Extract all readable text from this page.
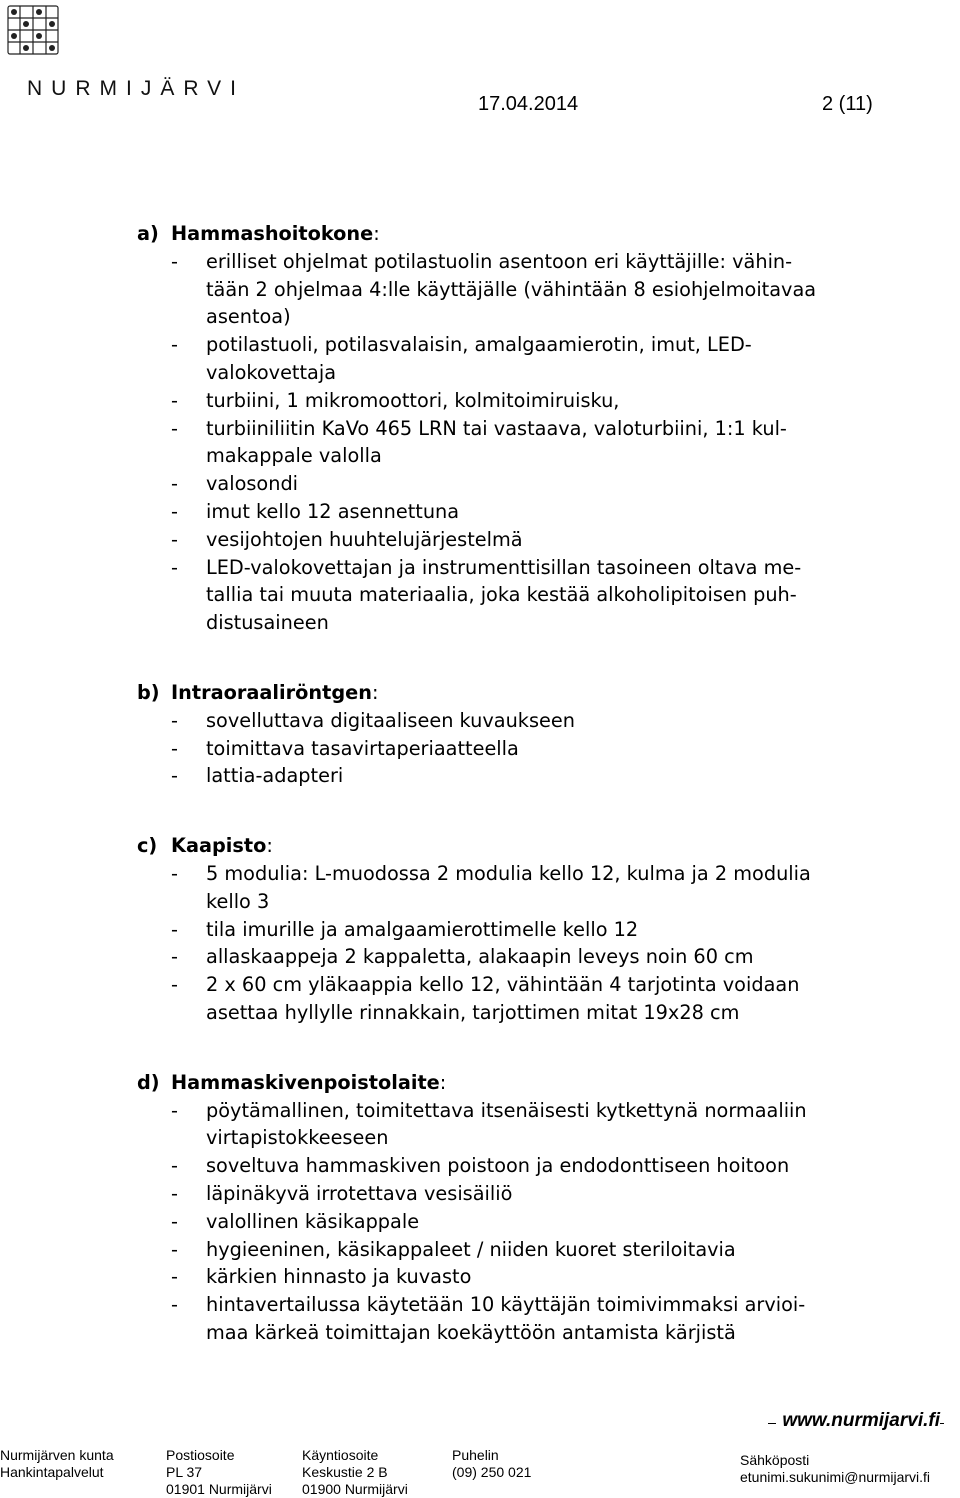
NURMIJÄRVI
17.04.2014	2 (11)
a) Hammashoitokone:
- erilliset ohjelmat potilastuolin asentoon eri käyttäjille: vähin-
tään 2 ohjelmaa 4:lle käyttäjälle (vähintään 8 esiohjelmoitavaa
asentoa)
- potilastuoli, potilasvalaisin, amalgaamierotin, imut, LED-
valokovettaja
- turbiini, 1 mikromoottori, kolmitoimiruisku,
- turbiiniliitin KaVo 465 LRN tai vastaava, valoturbiini, 1:1 kul-
makappale valolla
- valosondi
- imut kello 12 asennettuna
- vesijohtojen huuhtelujärjestelmä
- LED-valokovettajan ja instrumenttisillan tasoineen oltava me-
tallia tai muuta materiaalia, joka kestää alkoholipitoisen puh-
distusaineen
b) Intraoraaliröntgen:
- sovelluttava digitaaliseen kuvaukseen
- toimittava tasavirtaperiaatteella
- lattia-adapteri
c) Kaapisto:
- 5 modulia: L-muodossa 2 modulia kello 12, kulma ja 2 modulia
kello 3
- tila imurille ja amalgaamierottimelle kello 12
- allaskaappeja 2 kappaletta, alakaapin leveys noin 60 cm
- 2 x 60 cm yläkaappia kello 12, vähintään 4 tarjotinta voidaan
asettaa hyllylle rinnakkain, tarjottimen mitat 19x28 cm
d) Hammaskivenpoistolaite:
- pöytämallinen, toimitettava itsenäisesti kytkettynä normaaliin
virtapistokkeeseen
- soveltuva hammaskiven poistoon ja endodonttiseen hoitoon
- läpinäkyvä irrotettava vesisäiliö
- valollinen käsikappale
- hygieeninen, käsikappaleet / niiden kuoret steriloitavia
- kärkien hinnasto ja kuvasto
- hintavertailussa käytetään 10 käyttäjän toimivimmaksi arvioi-
maa kärkeä toimittajan koekäyttöön antamista kärjistä
www.nurmijarvi.fi
Nurmijärven kunta
Hankintapalvelut
Postiosoite
PL 37
01901 Nurmijärvi
Käyntiosoite
Keskustie 2 B
01900 Nurmijärvi
Puhelin
(09) 250 021
Sähköposti
etunimi.sukunimi@nurmijarvi.fi
